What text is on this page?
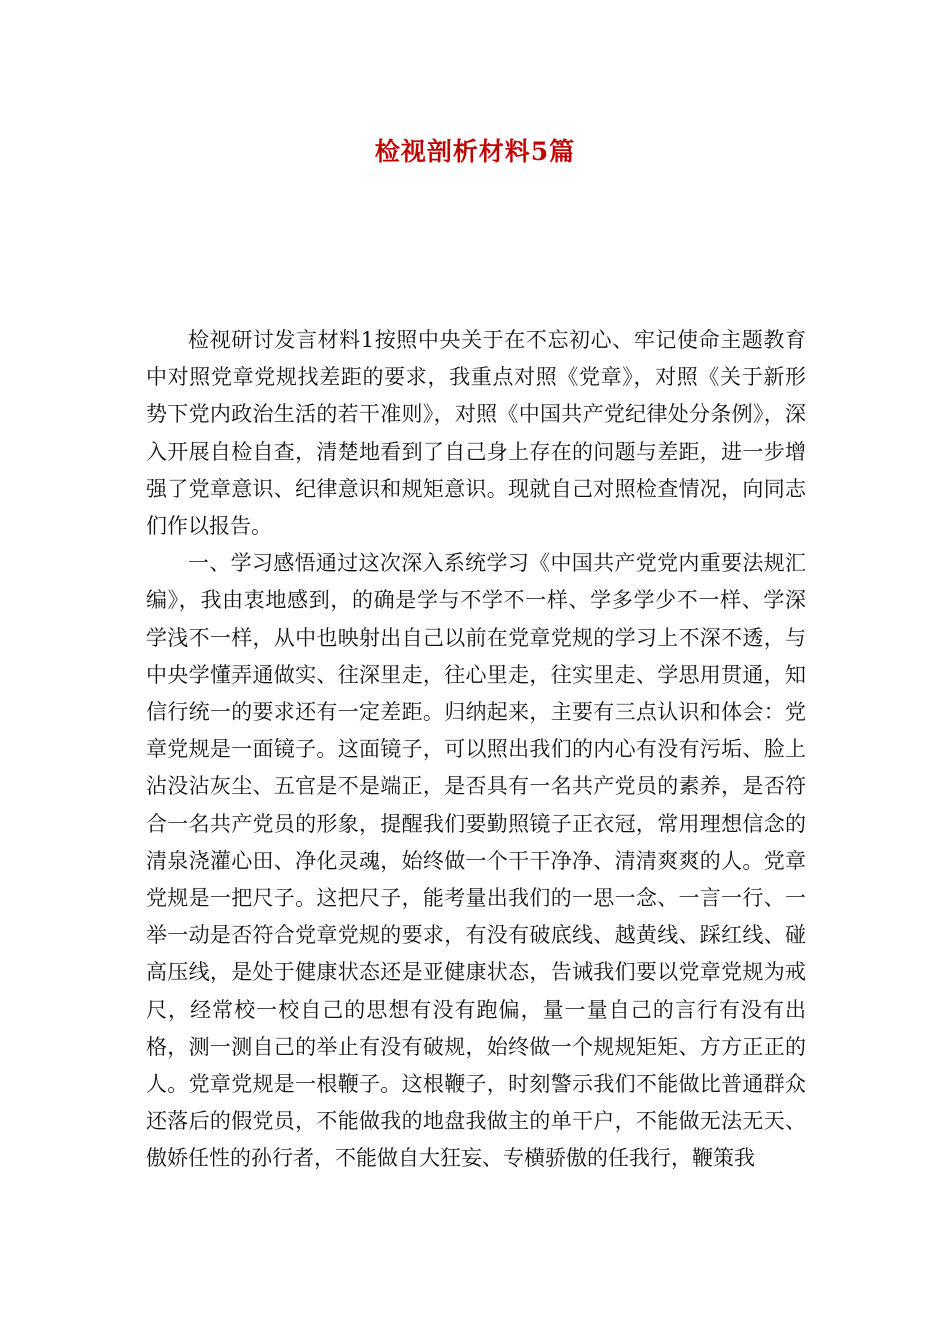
检视剖析材料5篇

检视研讨发言材料1按照中央关于在不忘初心、牢记使命主题教育中对照党章党规找差距的要求，我重点对照《党章》，对照《关于新形势下党内政治生活的若干准则》，对照《中国共产党纪律处分条例》，深入开展自检自查，清楚地看到了自己身上存在的问题与差距，进一步增强了党章意识、纪律意识和规矩意识。现就自己对照检查情况，向同志们作以报告。

一、学习感悟通过这次深入系统学习《中国共产党党内重要法规汇编》，我由衷地感到，的确是学与不学不一样、学多学少不一样、学深学浅不一样，从中也映射出自己以前在党章党规的学习上不深不透，与中央学懂弄通做实、往深里走，往心里走，往实里走、学思用贯通，知信行统一的要求还有一定差距。归纳起来，主要有三点认识和体会：党章党规是一面镜子。这面镜子，可以照出我们的内心有没有污垢、脸上沾没沾灰尘、五官是不是端正，是否具有一名共产党员的素养，是否符合一名共产党员的形象，提醒我们要勤照镜子正衣冠，常用理想信念的清泉浇灌心田、净化灵魂，始终做一个干干净净、清清爽爽的人。党章党规是一把尺子。这把尺子，能考量出我们的一思一念、一言一行、一举一动是否符合党章党规的要求，有没有破底线、越黄线、踩红线、碰高压线，是处于健康状态还是亚健康状态，告诫我们要以党章党规为戒尺，经常校一校自己的思想有没有跑偏，量一量自己的言行有没有出格，测一测自己的举止有没有破规，始终做一个规规矩矩、方方正正的人。党章党规是一根鞭子。这根鞭子，时刻警示我们不能做比普通群众还落后的假党员，不能做我的地盘我做主的单干户，不能做无法无天、傲娇任性的孙行者，不能做自大狂妄、专横骄傲的任我行，鞭策我
